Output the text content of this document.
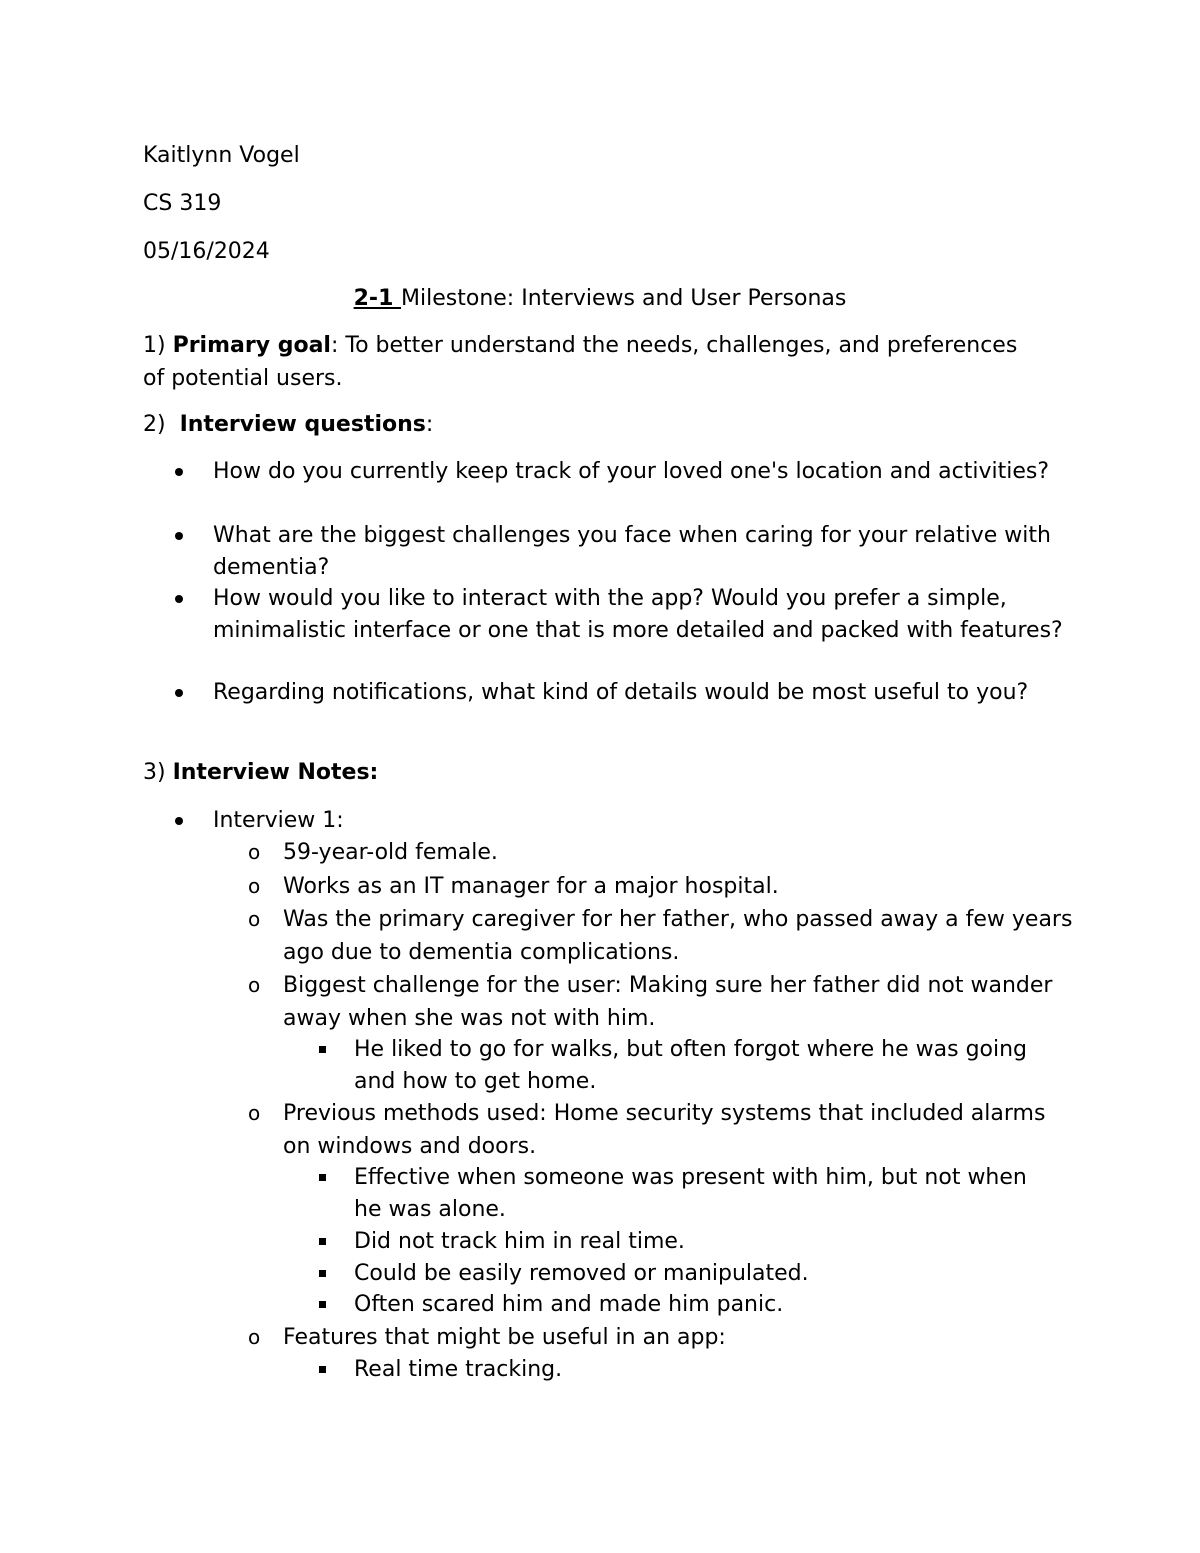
Kaitlynn Vogel
CS 319
05/16/2024
2-1 Milestone: Interviews and User Personas
1) Primary goal: To better understand the needs, challenges, and preferences of potential users.
2)  Interview questions:
How do you currently keep track of your loved one's location and activities?
What are the biggest challenges you face when caring for your relative with dementia?
How would you like to interact with the app? Would you prefer a simple, minimalistic interface or one that is more detailed and packed with features?
Regarding notifications, what kind of details would be most useful to you?
3) Interview Notes:
Interview 1:
o 59-year-old female.
o Works as an IT manager for a major hospital.
o Was the primary caregiver for her father, who passed away a few years ago due to dementia complications.
o Biggest challenge for the user: Making sure her father did not wander away when she was not with him.
He liked to go for walks, but often forgot where he was going and how to get home.
o Previous methods used: Home security systems that included alarms on windows and doors.
Effective when someone was present with him, but not when he was alone.
Did not track him in real time.
Could be easily removed or manipulated.
Often scared him and made him panic.
o Features that might be useful in an app:
Real time tracking.
